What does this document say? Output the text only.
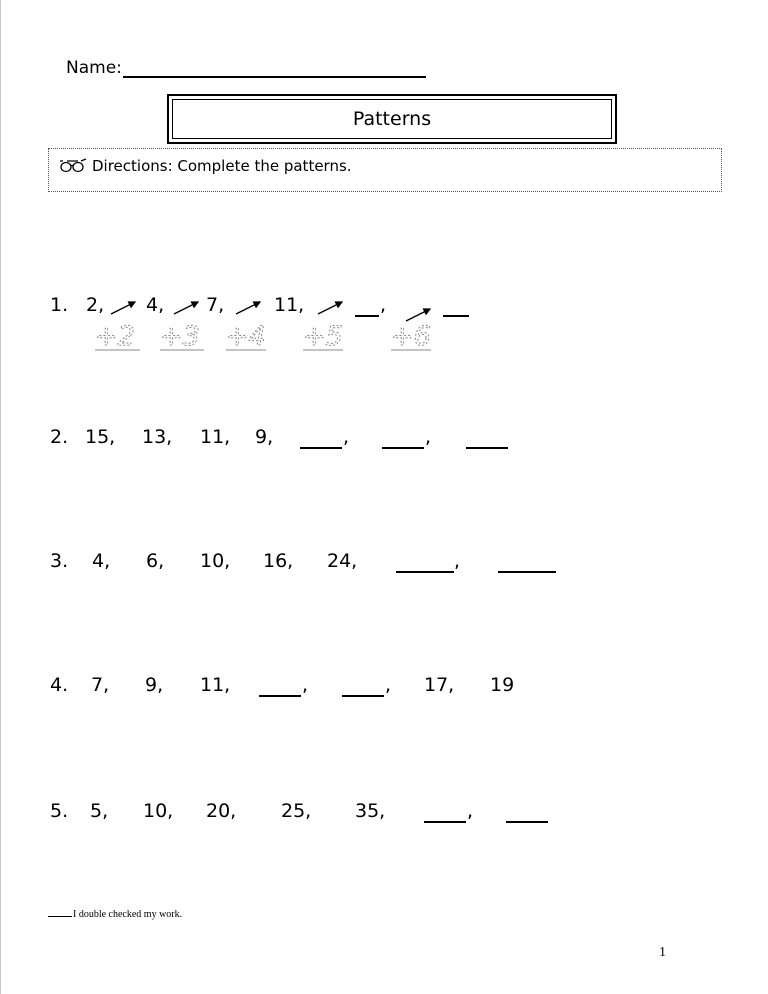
Name:
Patterns
Directions: Complete the patterns.
1. 2, 4, 7,	11,	,
+2 +3 +4 +5 +6
2. 15, 13, 11, 9,	,	,
3. 4, 6, 10, 16, 24,	,
4. 7, 9, 11,	,	, 17, 19
5. 5, 10, 20, 25, 35,	,
I double checked my work.
1
